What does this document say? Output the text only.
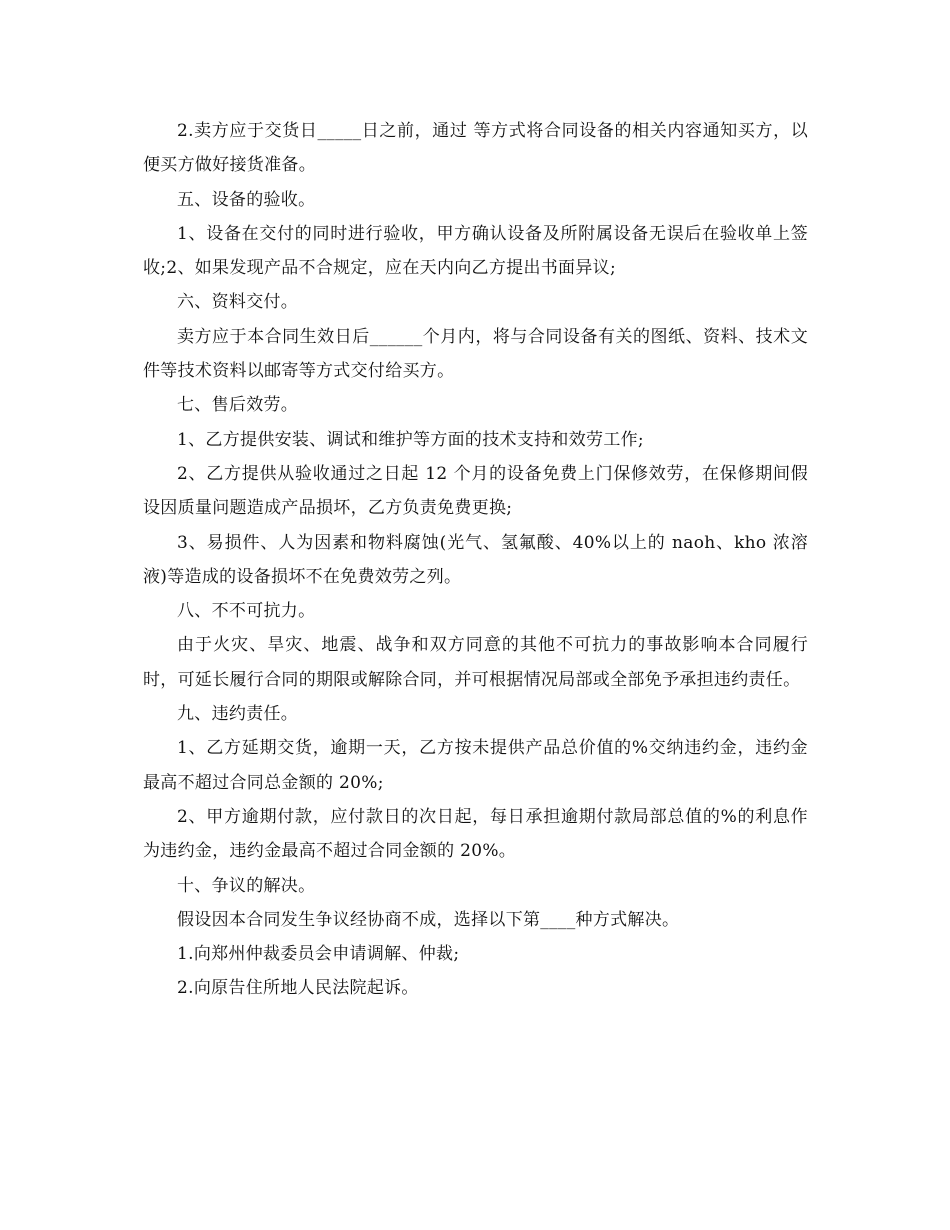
2.卖方应于交货日_____日之前，通过 等方式将合同设备的相关内容通知买方，以便买方做好接货准备。

五、设备的验收。

1、设备在交付的同时进行验收，甲方确认设备及所附属设备无误后在验收单上签收;2、如果发现产品不合规定，应在天内向乙方提出书面异议;

六、资料交付。

卖方应于本合同生效日后______个月内，将与合同设备有关的图纸、资料、技术文件等技术资料以邮寄等方式交付给买方。

七、售后效劳。

1、乙方提供安装、调试和维护等方面的技术支持和效劳工作;

2、乙方提供从验收通过之日起 12 个月的设备免费上门保修效劳，在保修期间假设因质量问题造成产品损坏，乙方负责免费更换;

3、易损件、人为因素和物料腐蚀(光气、氢氟酸、40%以上的 naoh、kho 浓溶液)等造成的设备损坏不在免费效劳之列。

八、不不可抗力。

由于火灾、旱灾、地震、战争和双方同意的其他不可抗力的事故影响本合同履行时，可延长履行合同的期限或解除合同，并可根据情况局部或全部免予承担违约责任。

九、违约责任。

1、乙方延期交货，逾期一天，乙方按未提供产品总价值的%交纳违约金，违约金最高不超过合同总金额的 20%;

2、甲方逾期付款，应付款日的次日起，每日承担逾期付款局部总值的%的利息作为违约金，违约金最高不超过合同金额的 20%。

十、争议的解决。

假设因本合同发生争议经协商不成，选择以下第____种方式解决。

1.向郑州仲裁委员会申请调解、仲裁;

2.向原告住所地人民法院起诉。
